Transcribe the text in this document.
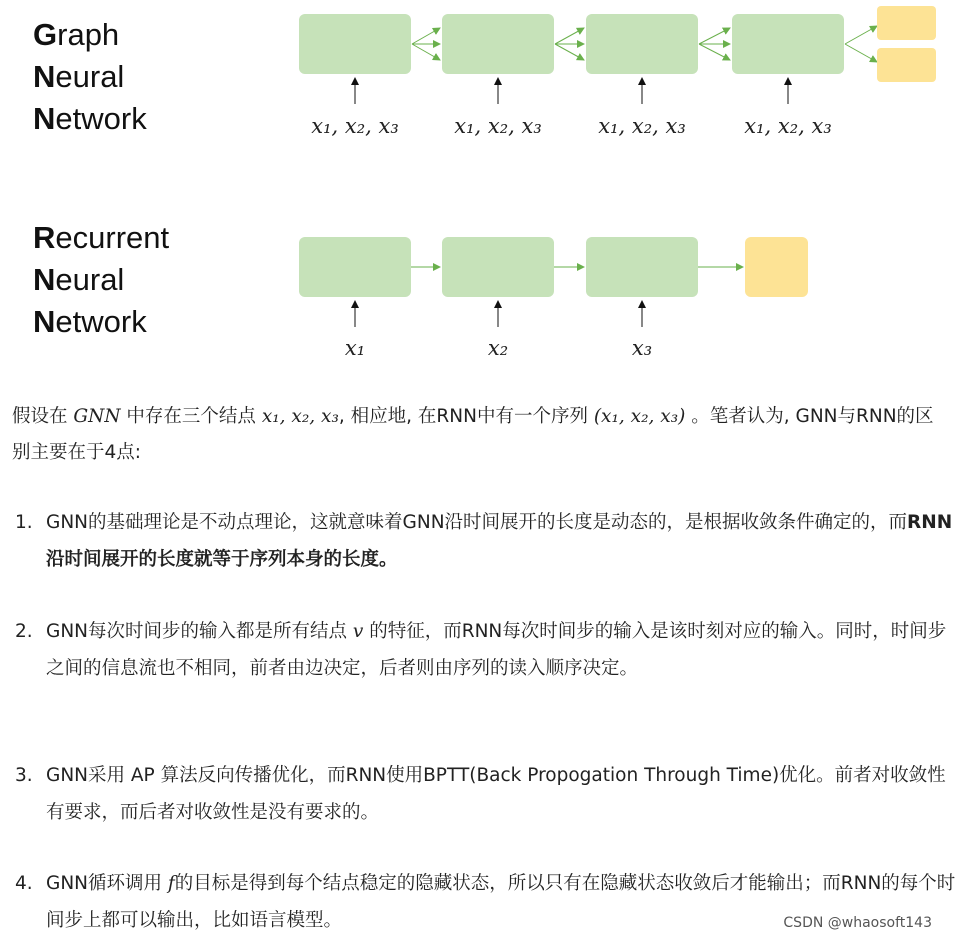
Graph
Neural
Network
Recurrent
Neural
Network
x₁, x₂, x₃	x₁, x₂, x₃	x₁, x₂, x₃	x₁, x₂, x₃
x₁	x₂	x₃
假设在 GNN 中存在三个结点 x₁, x₂, x₃, 相应地, 在RNN中有一个序列 (x₁, x₂, x₃) 。笔者认为, GNN与RNN的区别主要在于4点:
1. GNN的基础理论是不动点理论，这就意味着GNN沿时间展开的长度是动态的，是根据收敛条件确定的，而RNN沿时间展开的长度就等于序列本身的长度。
2. GNN每次时间步的输入都是所有结点 v 的特征，而RNN每次时间步的输入是该时刻对应的输入。同时，时间步之间的信息流也不相同，前者由边决定，后者则由序列的读入顺序决定。
3. GNN采用 AP 算法反向传播优化，而RNN使用BPTT(Back Propogation Through Time)优化。前者对收敛性有要求，而后者对收敛性是没有要求的。
4. GNN循环调用 f的目标是得到每个结点稳定的隐藏状态，所以只有在隐藏状态收敛后才能输出；而RNN的每个时间步上都可以输出，比如语言模型。	CSDN @whaosoft143
